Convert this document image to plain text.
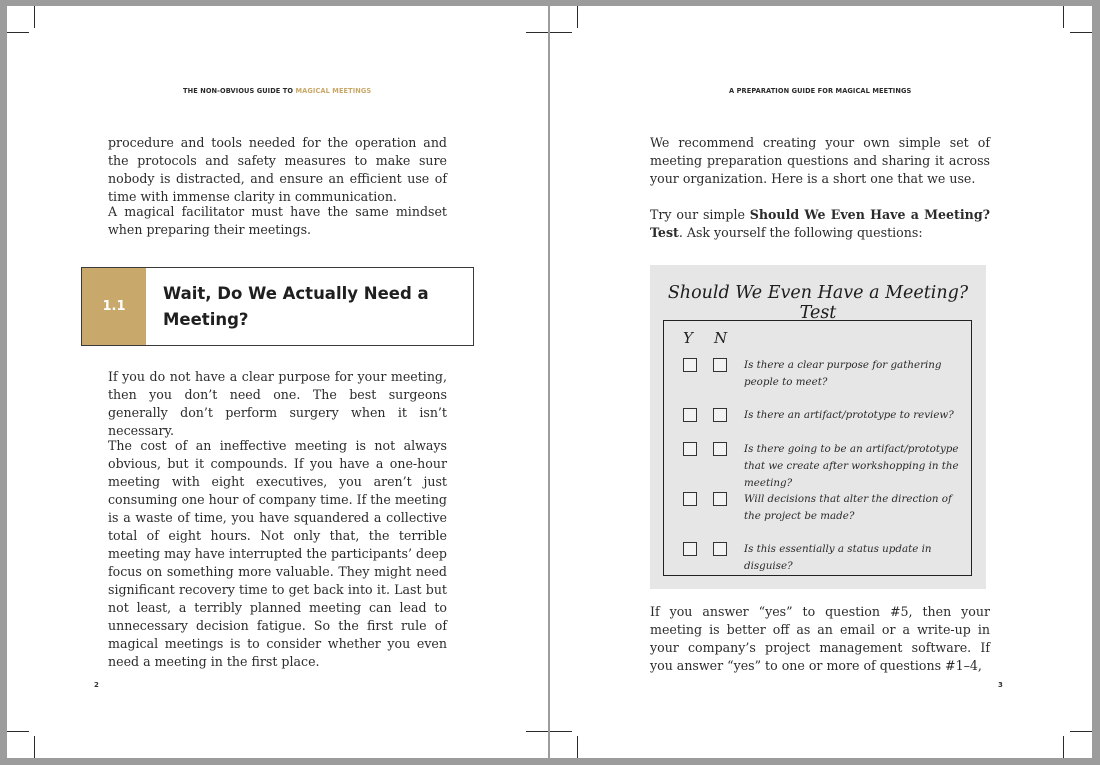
THE NON-OBVIOUS GUIDE TO MAGICAL MEETINGS

procedure and tools needed for the operation and the protocols and safety measures to make sure nobody is distracted, and ensure an efficient use of time with immense clarity in communication.

A magical facilitator must have the same mindset when preparing their meetings.

1.1
Wait, Do We Actually Need a Meeting?

If you do not have a clear purpose for your meeting, then you don’t need one. The best surgeons generally don’t perform surgery when it isn’t necessary.

The cost of an ineffective meeting is not always obvious, but it compounds. If you have a one-hour meeting with eight executives, you aren’t just consuming one hour of company time. If the meeting is a waste of time, you have squandered a collective total of eight hours. Not only that, the terrible meeting may have interrupted the participants’ deep focus on something more valuable. They might need significant recovery time to get back into it. Last but not least, a terribly planned meeting can lead to unnecessary decision fatigue. So the first rule of magical meetings is to consider whether you even need a meeting in the first place.

2
A PREPARATION GUIDE FOR MAGICAL MEETINGS

We recommend creating your own simple set of meeting preparation questions and sharing it across your organization. Here is a short one that we use.

Try our simple Should We Even Have a Meeting? Test. Ask yourself the following questions:

Should We Even Have a Meeting? Test
Y N
Is there a clear purpose for gathering people to meet?
Is there an artifact/prototype to review?
Is there going to be an artifact/prototype that we create after workshopping in the meeting?
Will decisions that alter the direction of the project be made?
Is this essentially a status update in disguise?

If you answer “yes” to question #5, then your meeting is better off as an email or a write-up in your company’s project management software. If you answer “yes” to one or more of questions #1–4,

3
